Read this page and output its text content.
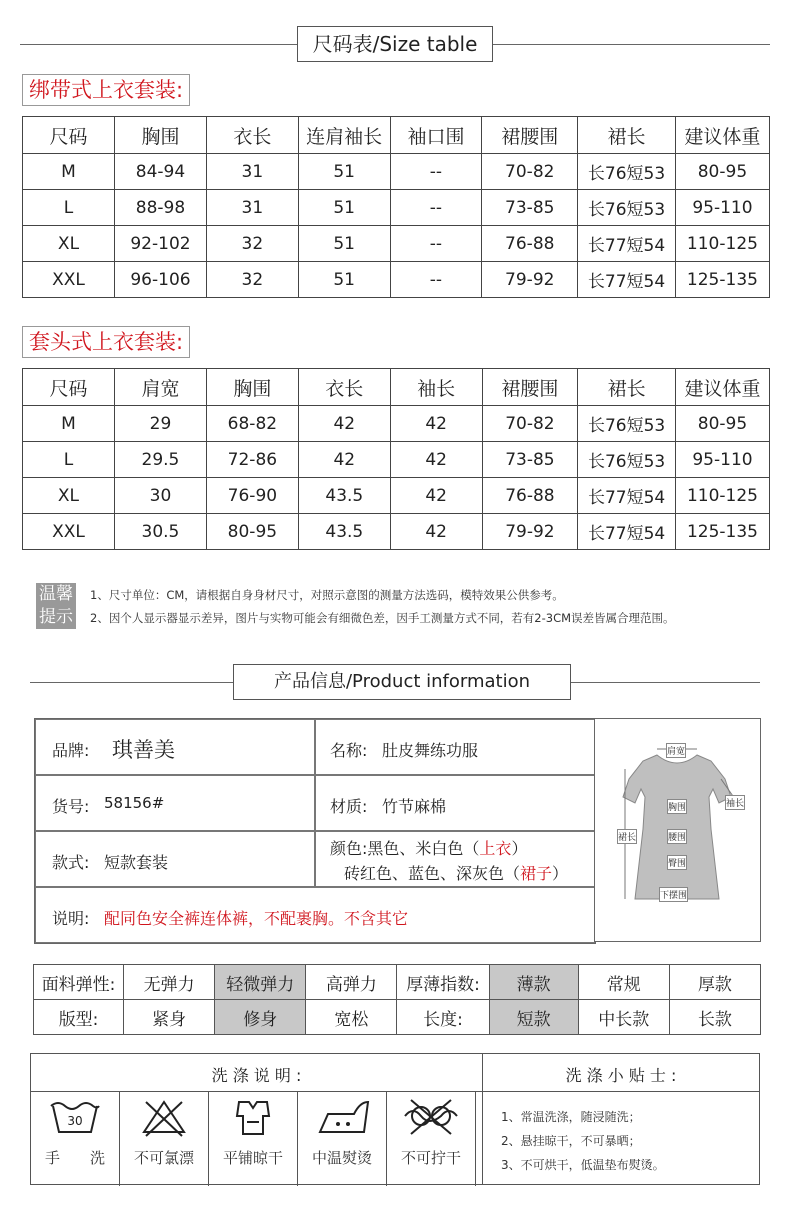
尺码表/Size table
绑带式上衣套装:
尺码	胸围	衣长	连肩袖长	袖口围	裙腰围	裙长	建议体重
M	84-94	31	51	--	70-82	长76短53	80-95
L	88-98	31	51	--	73-85	长76短53	95-110
XL	92-102	32	51	--	76-88	长77短54	110-125
XXL	96-106	32	51	--	79-92	长77短54	125-135
套头式上衣套装:
尺码	肩宽	胸围	衣长	袖长	裙腰围	裙长	建议体重
M	29	68-82	42	42	70-82	长76短53	80-95
L	29.5	72-86	42	42	73-85	长76短53	95-110
XL	30	76-90	43.5	42	76-88	长77短54	110-125
XXL	30.5	80-95	43.5	42	79-92	长77短54	125-135
温馨
提示
1、尺寸单位：CM，请根据自身身材尺寸，对照示意图的测量方法选码，模特效果公供参考。
2、因个人显示器显示差异，图片与实物可能会有细微色差，因手工测量方式不同，若有2-3CM误差皆属合理范围。
产品信息/Product information
品牌: 琪善美	名称: 肚皮舞练功服
货号: 58156#	材质: 竹节麻棉
款式: 短款套装
颜色:黑色、米白色（上衣）
砖红色、蓝色、深灰色（裙子）
说明: 配同色安全裤连体裤，不配裹胸。不含其它
肩宽
袖长
胸围
裙长	腰围
臀围
下摆围
面料弹性:	无弹力	轻微弹力	高弹力	厚薄指数:	薄款	常规	厚款
版型:	紧身	修身	宽松	长度:	短款	中长款	长款
洗 涤 说 明 :	洗 涤 小 贴 士 :
30
手　　洗	不可氯漂	平铺晾干	中温熨烫	不可拧干
1、常温洗涤，随浸随洗；
2、悬挂晾干，不可暴晒；
3、不可烘干，低温垫布熨烫。
